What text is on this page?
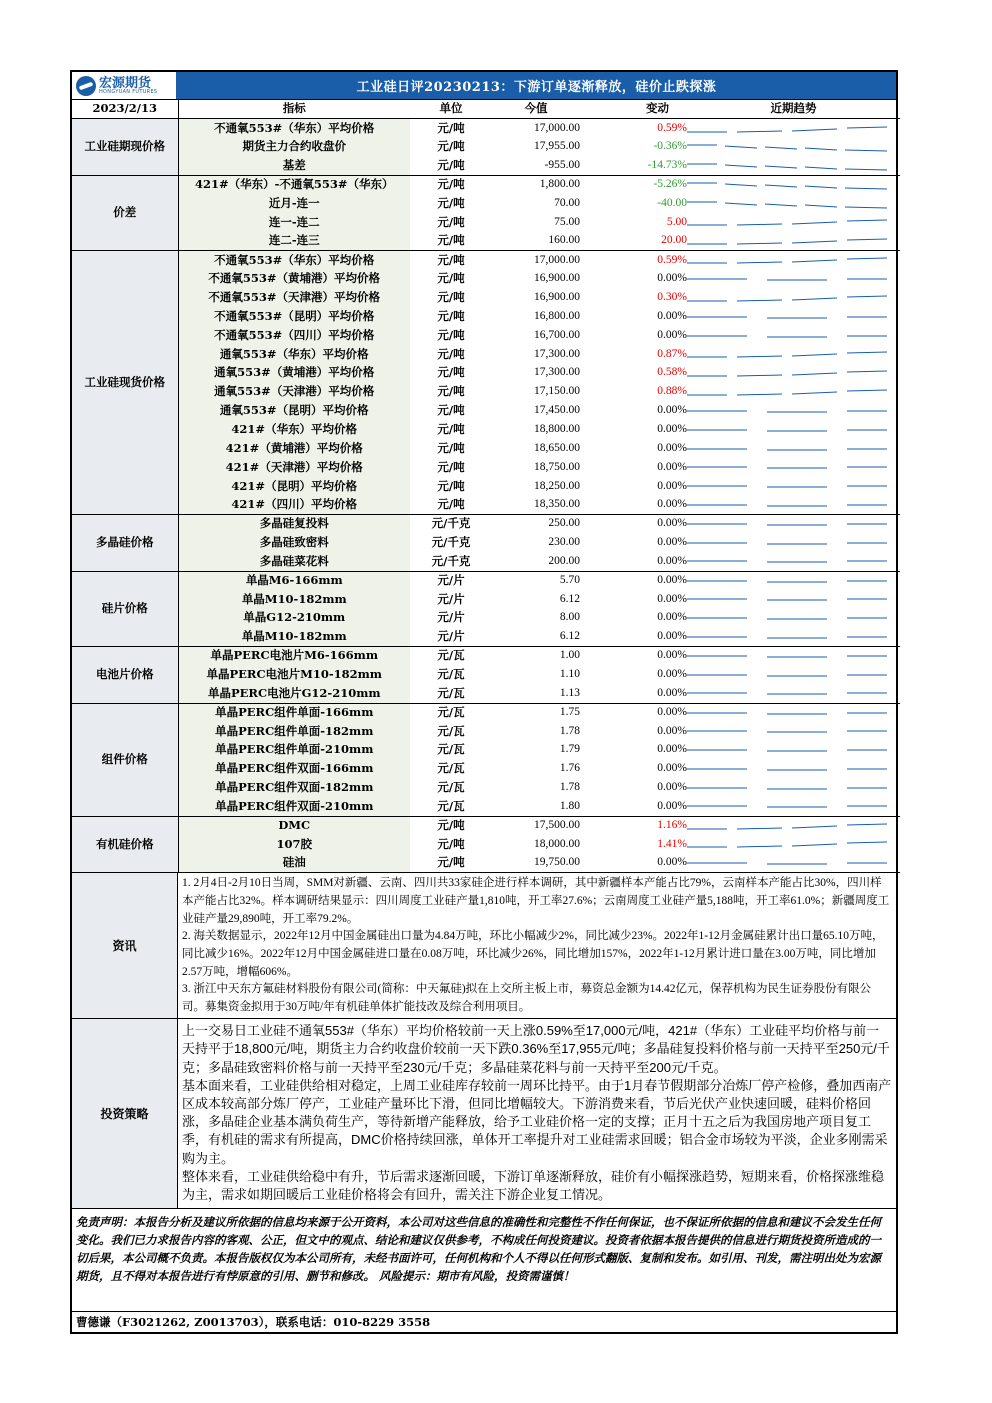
宏源期货
HONGYUAN FUTURES	工业硅日评20230213：下游订单逐渐释放，硅价止跌探涨
2023/2/13	指标	单位	今值	变动	近期趋势
工业硅期现价格	不通氧553#（华东）平均价格	元/吨	17,000.00	0.59%	

	期货主力合约收盘价	元/吨	17,955.00	-0.36%	

	基差	元/吨	-955.00	-14.73%	

价差	421#（华东）-不通氧553#（华东）	元/吨	1,800.00	-5.26%	

	近月-连一	元/吨	70.00	-40.00	

	连一-连二	元/吨	75.00	5.00	

	连二-连三	元/吨	160.00	20.00	

工业硅现货价格	不通氧553#（华东）平均价格	元/吨	17,000.00	0.59%	

	不通氧553#（黄埔港）平均价格	元/吨	16,900.00	0.00%	

	不通氧553#（天津港）平均价格	元/吨	16,900.00	0.30%	

	不通氧553#（昆明）平均价格	元/吨	16,800.00	0.00%	

	不通氧553#（四川）平均价格	元/吨	16,700.00	0.00%	

	通氧553#（华东）平均价格	元/吨	17,300.00	0.87%	

	通氧553#（黄埔港）平均价格	元/吨	17,300.00	0.58%	

	通氧553#（天津港）平均价格	元/吨	17,150.00	0.88%	

	通氧553#（昆明）平均价格	元/吨	17,450.00	0.00%	

	421#（华东）平均价格	元/吨	18,800.00	0.00%	

	421#（黄埔港）平均价格	元/吨	18,650.00	0.00%	

	421#（天津港）平均价格	元/吨	18,750.00	0.00%	

	421#（昆明）平均价格	元/吨	18,250.00	0.00%	

	421#（四川）平均价格	元/吨	18,350.00	0.00%	

多晶硅价格	多晶硅复投料	元/千克	250.00	0.00%	

	多晶硅致密料	元/千克	230.00	0.00%	

	多晶硅菜花料	元/千克	200.00	0.00%	

硅片价格	单晶M6-166mm	元/片	5.70	0.00%	

	单晶M10-182mm	元/片	6.12	0.00%	

	单晶G12-210mm	元/片	8.00	0.00%	

	单晶M10-182mm	元/片	6.12	0.00%	

电池片价格	单晶PERC电池片M6-166mm	元/瓦	1.00	0.00%	

	单晶PERC电池片M10-182mm	元/瓦	1.10	0.00%	

	单晶PERC电池片G12-210mm	元/瓦	1.13	0.00%	

组件价格	单晶PERC组件单面-166mm	元/瓦	1.75	0.00%	

	单晶PERC组件单面-182mm	元/瓦	1.78	0.00%	

	单晶PERC组件单面-210mm	元/瓦	1.79	0.00%	

	单晶PERC组件双面-166mm	元/瓦	1.76	0.00%	

	单晶PERC组件双面-182mm	元/瓦	1.78	0.00%	

	单晶PERC组件双面-210mm	元/瓦	1.80	0.00%	

有机硅价格	DMC	元/吨	17,500.00	1.16%	

	107胶	元/吨	18,000.00	1.41%	

	硅油	元/吨	19,750.00	0.00%	
资讯

1. 2月4日-2月10日当周，SMM对新疆、云南、四川共33家硅企进行样本调研，其中新疆样本产能占比79%，云南样本产能占比30%，四川样本产能占比32%。样本调研结果显示：四川周度工业硅产量1,810吨，开工率27.6%；云南周度工业硅产量5,188吨，开工率61.0%；新疆周度工业硅产量29,890吨，开工率79.2%。

2. 海关数据显示，2022年12月中国金属硅出口量为4.84万吨，环比小幅减少2%，同比减少23%。2022年1-12月金属硅累计出口量65.10万吨，同比减少16%。2022年12月中国金属硅进口量在0.08万吨，环比减少26%，同比增加157%，2022年1-12月累计进口量在3.00万吨，同比增加2.57万吨，增幅606%。

3. 浙江中天东方氟硅材料股份有限公司(简称：中天氟硅)拟在上交所主板上市，募资总金额为14.42亿元，保荐机构为民生证券股份有限公司。募集资金拟用于30万吨/年有机硅单体扩能技改及综合利用项目。

投资策略

上一交易日工业硅不通氧553#（华东）平均价格较前一天上涨0.59%至17,000元/吨，421#（华东）工业硅平均价格与前一天持平于18,800元/吨，期货主力合约收盘价较前一天下跌0.36%至17,955元/吨；多晶硅复投料价格与前一天持平至250元/千克；多晶硅致密料价格与前一天持平至230元/千克；多晶硅菜花料与前一天持平至200元/千克。

基本面来看，工业硅供给相对稳定，上周工业硅库存较前一周环比持平。由于1月春节假期部分冶炼厂停产检修，叠加西南产区成本较高部分炼厂停产，工业硅产量环比下滑，但同比增幅较大。下游消费来看，节后光伏产业快速回暖，硅料价格回涨，多晶硅企业基本满负荷生产，等待新增产能释放，给予工业硅价格一定的支撑；正月十五之后为我国房地产项目复工季，有机硅的需求有所提高，DMC价格持续回涨，单体开工率提升对工业硅需求回暖；铝合金市场较为平淡，企业多刚需采购为主。

整体来看，工业硅供给稳中有升，节后需求逐渐回暖，下游订单逐渐释放，硅价有小幅探涨趋势，短期来看，价格探涨维稳为主，需求如期回暖后工业硅价格将会有回升，需关注下游企业复工情况。

免责声明：本报告分析及建议所依据的信息均来源于公开资料，本公司对这些信息的准确性和完整性不作任何保证，也不保证所依据的信息和建议不会发生任何变化。我们已力求报告内容的客观、公正，但文中的观点、结论和建议仅供参考，不构成任何投资建议。投资者依据本报告提供的信息进行期货投资所造成的一切后果，本公司概不负责。本报告版权仅为本公司所有，未经书面许可，任何机构和个人不得以任何形式翻版、复制和发布。如引用、刊发，需注明出处为宏源期货，且不得对本报告进行有悖原意的引用、删节和修改。 风险提示：期市有风险，投资需谨慎！
曹德谦（F3021262, Z0013703），联系电话：010-8229 3558
